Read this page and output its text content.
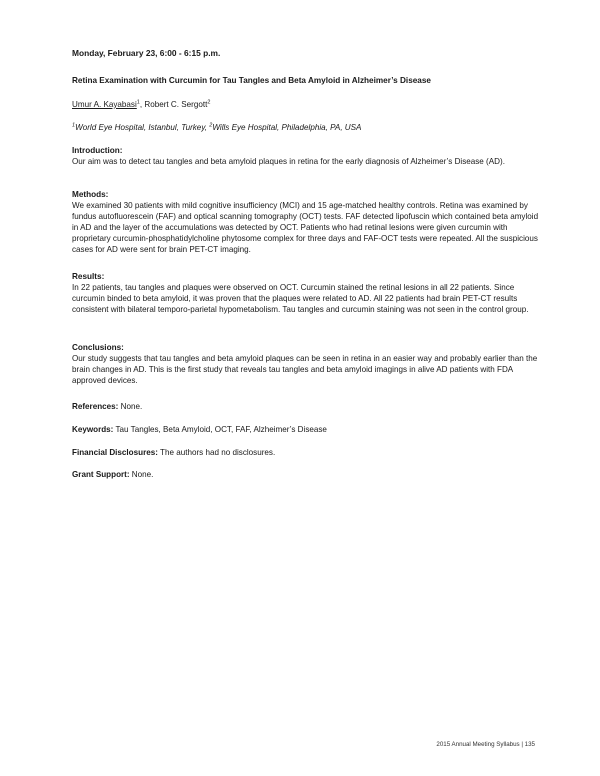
Monday, February 23, 6:00 - 6:15 p.m.
Retina Examination with Curcumin for Tau Tangles and Beta Amyloid in Alzheimer’s Disease
Umur A. Kayabasi$^1$, Robert C. Sergott$^2$
$^1$World Eye Hospital, Istanbul, Turkey, $^2$Wills Eye Hospital, Philadelphia, PA, USA
Introduction:
Our aim was to detect tau tangles and beta amyloid plaques in retina for the early diagnosis of Alzheimer’s Disease (AD).
Methods:
We examined 30 patients with mild cognitive insufficiency (MCI) and 15 age-matched healthy controls. Retina was examined by fundus autofluorescein (FAF) and optical scanning tomography (OCT) tests. FAF detected lipofuscin which contained beta amyloid in AD and the layer of the accumulations was detected by OCT. Patients who had retinal lesions were given curcumin with proprietary curcumin-phosphatidylcholine phytosome complex for three days and FAF-OCT tests were repeated. All the suspicious cases for AD were sent for brain PET-CT imaging.
Results:
In 22 patients, tau tangles and plaques were observed on OCT. Curcumin stained the retinal lesions in all 22 patients. Since curcumin binded to beta amyloid, it was proven that the plaques were related to AD. All 22 patients had brain PET-CT results consistent with bilateral temporo-parietal hypometabolism. Tau tangles and curcumin staining was not seen in the control group.
Conclusions:
Our study suggests that tau tangles and beta amyloid plaques can be seen in retina in an easier way and probably earlier than the brain changes in AD. This is the first study that reveals tau tangles and beta amyloid imagings in alive AD patients with FDA approved devices.
References: None.
Keywords: Tau Tangles, Beta Amyloid, OCT, FAF, Alzheimer’s Disease
Financial Disclosures: The authors had no disclosures.
Grant Support: None.
2015 Annual Meeting Syllabus | 135
